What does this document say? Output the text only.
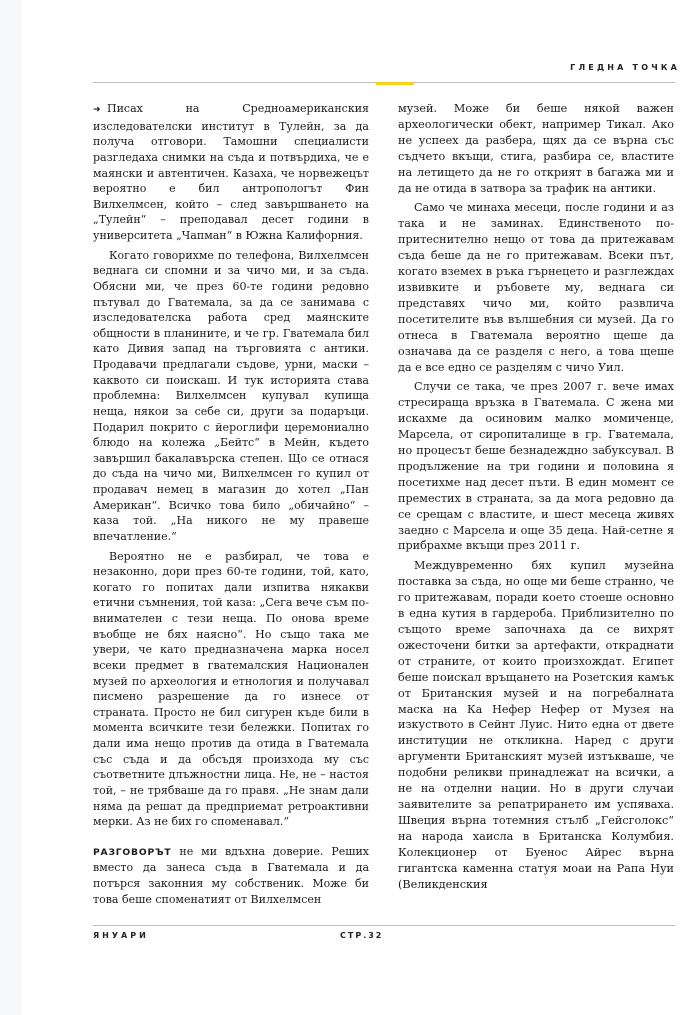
ГЛЕДНА ТОЧКА

➜ Писах на Средноамериканския изследователски институт в Тулейн, за да получа отговори. Тамошни специалисти разгледаха снимки на съда и потвърдиха, че е маянски и автентичен. Казаха, че норвежецът вероятно е бил антропологът Фин Вилхелмсен, който – след завършването на „Тулейн“ – преподавал десет години в университета „Чапман“ в Южна Калифорния.

Когато говорихме по телефона, Вилхелмсен веднага си спомни и за чичо ми, и за съда. Обясни ми, че през 60-те години редовно пътувал до Гватемала, за да се занимава с изследователска работа сред маянските общности в планините, и че гр. Гватемала бил като Дивия запад на търговията с антики. Продавачи предлагали съдове, урни, маски – каквото си поискаш. И тук историята става проблемна: Вилхелмсен купувал купища неща, някои за себе си, други за подаръци. Подарил покрито с йероглифи церемониално блюдо на колежа „Бейтс“ в Мейн, където завършил бакалавърска степен. Що се отнася до съда на чичо ми, Вилхелмсен го купил от продавач немец в магазин до хотел „Пан Американ“. Всичко това било „обичайно“ – каза той. „На никого не му правеше впечатление.“

Вероятно не е разбирал, че това е незаконно, дори през 60-те години, той, като, когато го попитах дали изпитва някакви етични съмнения, той каза: „Сега вече съм по-внимателен с тези неща. По онова време въобще не бях наясно“. Но също така ме увери, че като предназначена марка носел всеки предмет в гватемалския Национален музей по археология и етнология и получавал писмено разрешение да го изнесе от страната. Просто не бил сигурен къде били в момента всичките тези бележки. Попитах го дали има нещо против да отида в Гватемала със съда и да обсъдя произхода му със съответните длъжностни лица. Не, не – настоя той, – не трябваше да го правя. „Не знам дали няма да решат да предприемат ретроактивни мерки. Аз не бих го споменавал.“

РАЗГОВОРЪТ не ми вдъхна доверие. Реших вместо да занеса съда в Гватемала и да потърся законния му собственик. Може би това беше споменатият от Вилхелмсен

музей. Може би беше някой важен археологически обект, например Тикал. Ако не успеех да разбера, щях да се върна със съдчето вкъщи, стига, разбира се, властите на летището да не го открият в багажа ми и да не отида в затвора за трафик на антики.

Само че минаха месеци, после години и аз така и не заминах. Единственото по-притеснително нещо от това да притежавам съда беше да не го притежавам. Всеки път, когато вземех в ръка гърнецето и разглеждах извивките и ръбовете му, веднага си представях чичо ми, който развлича посетителите във вълшебния си музей. Да го отнеса в Гватемала вероятно щеше да означава да се разделя с него, а това щеше да е все едно се разделям с чичо Уил.

Случи се така, че през 2007 г. вече имах стресираща връзка в Гватемала. С жена ми искахме да осиновим малко момиченце, Марсела, от сиропиталище в гр. Гватемала, но процесът беше безнадеждно забуксувал. В продължение на три години и половина я посетихме над десет пъти. В един момент се преместих в страната, за да мога редовно да се срещам с властите, и шест месеца живях заедно с Марсела и още 35 деца. Най-сетне я прибрахме вкъщи през 2011 г.

Междувременно бях купил музейна поставка за съда, но още ми беше странно, че го притежавам, поради което стоеше основно в една кутия в гардероба. Приблизително по същото време започнаха да се вихрят ожесточени битки за артефакти, откраднати от страните, от които произхождат. Египет беше поискал връщането на Розетския камък от Британския музей и на погребалната маска на Ка Нефер Нефер от Музея на изкуството в Сейнт Луис. Нито една от двете институции не откликна. Наред с други аргументи Британският музей изтъкваше, че подобни реликви принадлежат на всички, а не на отделни нации. Но в други случаи заявителите за репатрирането им успяваха. Швеция върна тотемния стълб „Гейсголокс“ на народа хаисла в Британска Колумбия. Колекционер от Буенос Айрес върна гигантска каменна статуя моаи на Рапа Нуи (Великденския

ЯНУАРИ	СТР.32
